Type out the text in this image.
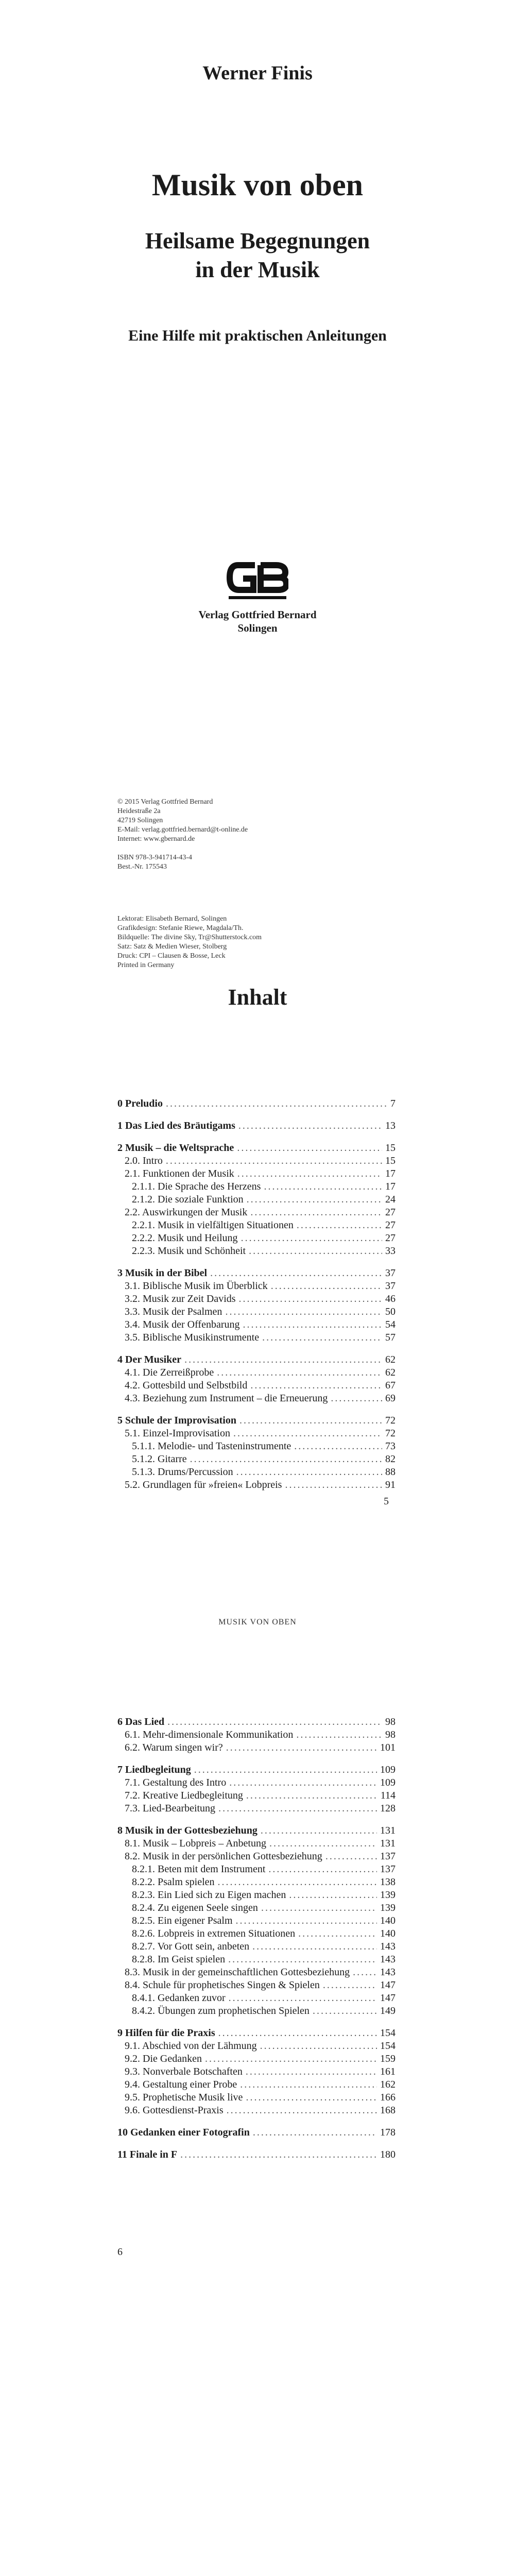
Werner Finis
Musik von oben
Heilsame Begegnungen
in der Musik
Eine Hilfe mit praktischen Anleitungen
Verlag Gottfried Bernard
Solingen
© 2015 Verlag Gottfried Bernard
Heidestraße 2a
42719 Solingen
E-Mail: verlag.gottfried.bernard@t-online.de
Internet: www.gbernard.de

ISBN 978-3-941714-43-4
Best.-Nr. 175543
Lektorat: Elisabeth Bernard, Solingen
Grafikdesign: Stefanie Riewe, Magdala/Th.
Bildquelle: The divine Sky, Tr@Shutterstock.com
Satz: Satz & Medien Wieser, Stolberg
Druck: CPI – Clausen & Bosse, Leck
Printed in Germany
Inhalt
0 Preludio .....	7
1 Das Lied des Bräutigams .....	13
2 Musik – die Weltsprache .....	15
2.0. Intro .....	15
2.1. Funktionen der Musik .....	17
2.1.1. Die Sprache des Herzens .....	17
2.1.2. Die soziale Funktion .....	24
2.2. Auswirkungen der Musik .....	27
2.2.1. Musik in vielfältigen Situationen .....	27
2.2.2. Musik und Heilung .....	27
2.2.3. Musik und Schönheit .....	33
3 Musik in der Bibel .....	37
3.1. Biblische Musik im Überblick .....	37
3.2. Musik zur Zeit Davids .....	46
3.3. Musik der Psalmen .....	50
3.4. Musik der Offenbarung .....	54
3.5. Biblische Musikinstrumente .....	57
4 Der Musiker .....	62
4.1. Die Zerreißprobe .....	62
4.2. Gottesbild und Selbstbild .....	67
4.3. Beziehung zum Instrument – die Erneuerung .....	69
5 Schule der Improvisation .....	72
5.1. Einzel-Improvisation .....	72
5.1.1. Melodie- und Tasteninstrumente .....	73
5.1.2. Gitarre .....	82
5.1.3. Drums/Percussion .....	88
5.2. Grundlagen für »freien« Lobpreis .....	91
5
MUSIK VON OBEN
6 Das Lied .....	98
6.1. Mehr-dimensionale Kommunikation .....	98
6.2. Warum singen wir? .....	101
7 Liedbegleitung .....	109
7.1. Gestaltung des Intro .....	109
7.2. Kreative Liedbegleitung .....	114
7.3. Lied-Bearbeitung .....	128
8 Musik in der Gottesbeziehung .....	131
8.1. Musik – Lobpreis – Anbetung .....	131
8.2. Musik in der persönlichen Gottesbeziehung .....	137
8.2.1. Beten mit dem Instrument .....	137
8.2.2. Psalm spielen .....	138
8.2.3. Ein Lied sich zu Eigen machen .....	139
8.2.4. Zu eigenen Seele singen .....	139
8.2.5. Ein eigener Psalm .....	140
8.2.6. Lobpreis in extremen Situationen .....	140
8.2.7. Vor Gott sein, anbeten .....	143
8.2.8. Im Geist spielen .....	143
8.3. Musik in der gemeinschaftlichen Gottesbeziehung .....	143
8.4. Schule für prophetisches Singen & Spielen .....	147
8.4.1. Gedanken zuvor .....	147
8.4.2. Übungen zum prophetischen Spielen .....	149
9 Hilfen für die Praxis .....	154
9.1. Abschied von der Lähmung .....	154
9.2. Die Gedanken .....	159
9.3. Nonverbale Botschaften .....	161
9.4. Gestaltung einer Probe .....	162
9.5. Prophetische Musik live .....	166
9.6. Gottesdienst-Praxis .....	168
10 Gedanken einer Fotografin .....	178
11 Finale in F .....	180
6
